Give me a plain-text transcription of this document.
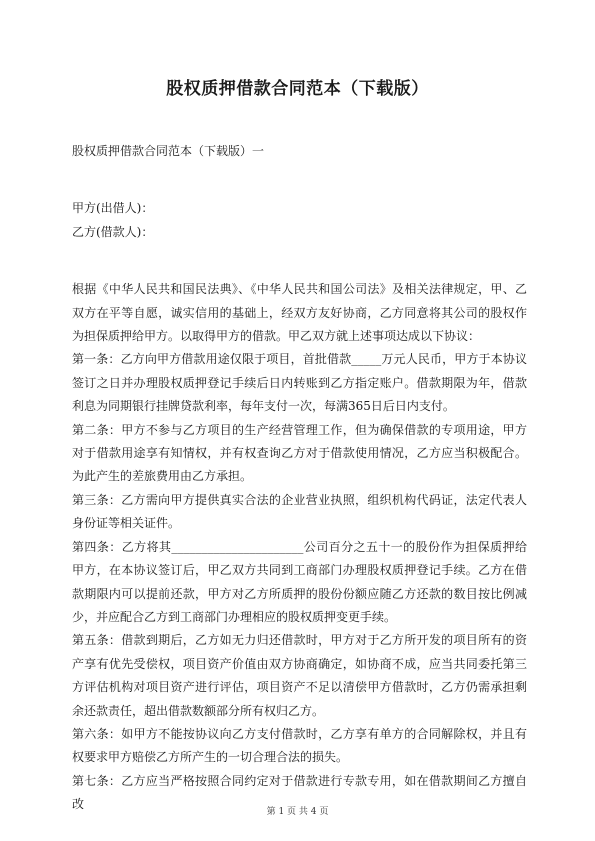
股权质押借款合同范本（下载版）

股权质押借款合同范本（下载版）一

甲方(出借人)：

乙方(借款人)：

根据《中华人民共和国民法典》、《中华人民共和国公司法》及相关法律规定，甲、乙双方在平等自愿，诚实信用的基础上，经双方友好协商，乙方同意将其公司的股权作为担保质押给甲方。以取得甲方的借款。甲乙双方就上述事项达成以下协议：

第一条：乙方向甲方借款用途仅限于项目，首批借款_____万元人民币，甲方于本协议签订之日并办理股权质押登记手续后日内转账到乙方指定账户。借款期限为年，借款利息为同期银行挂牌贷款利率，每年支付一次，每满365日后日内支付。

第二条：甲方不参与乙方项目的生产经营管理工作，但为确保借款的专项用途，甲方对于借款用途享有知情权，并有权查询乙方对于借款使用情况，乙方应当积极配合。为此产生的差旅费用由乙方承担。

第三条：乙方需向甲方提供真实合法的企业营业执照，组织机构代码证，法定代表人身份证等相关证件。

第四条：乙方将其______________________公司百分之五十一的股份作为担保质押给甲方，在本协议签订后，甲乙双方共同到工商部门办理股权质押登记手续。乙方在借款期限内可以提前还款，甲方对乙方所质押的股份份额应随乙方还款的数目按比例减少，并应配合乙方到工商部门办理相应的股权质押变更手续。

第五条：借款到期后，乙方如无力归还借款时，甲方对于乙方所开发的项目所有的资产享有优先受偿权，项目资产价值由双方协商确定，如协商不成，应当共同委托第三方评估机构对项目资产进行评估，项目资产不足以清偿甲方借款时，乙方仍需承担剩余还款责任，超出借款数额部分所有权归乙方。

第六条：如甲方不能按协议向乙方支付借款时，乙方享有单方的合同解除权，并且有权要求甲方赔偿乙方所产生的一切合理合法的损失。

第七条：乙方应当严格按照合同约定对于借款进行专款专用，如在借款期间乙方擅自改

第 1 页 共 4 页
